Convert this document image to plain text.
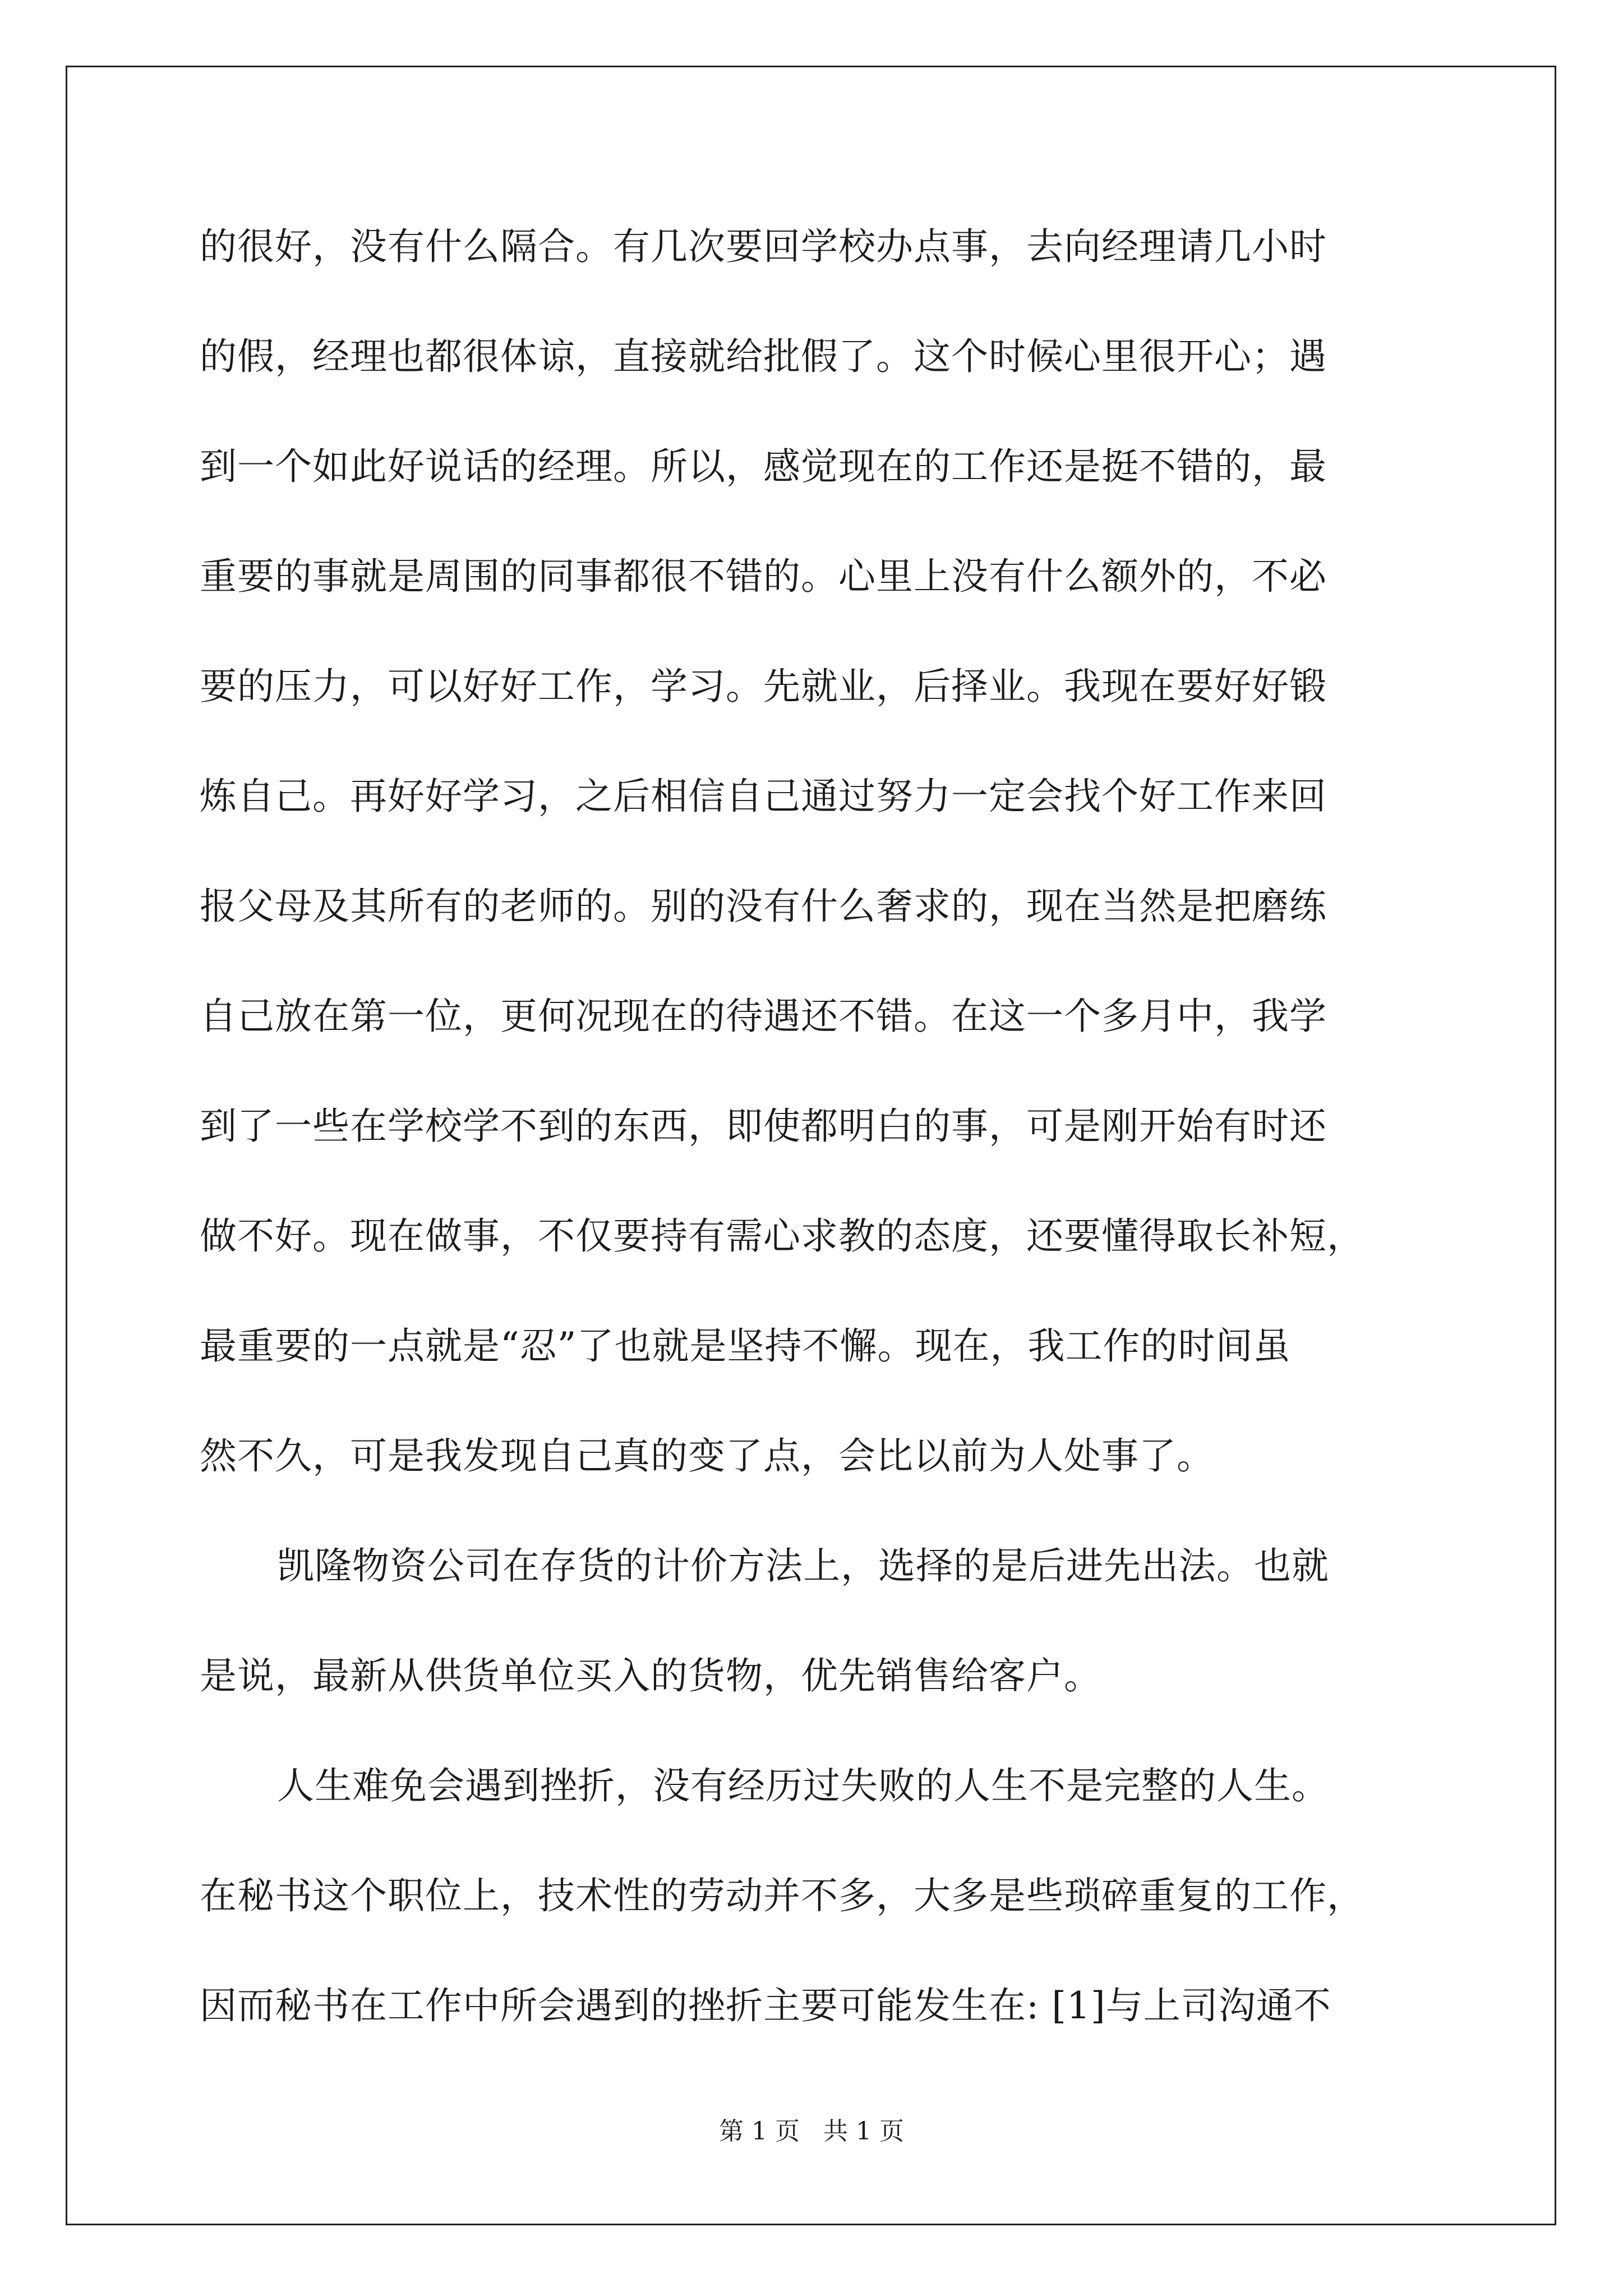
的很好，没有什么隔合。有几次要回学校办点事，去向经理请几小时
的假，经理也都很体谅，直接就给批假了。这个时候心里很开心；遇
到一个如此好说话的经理。所以，感觉现在的工作还是挺不错的，最
重要的事就是周围的同事都很不错的。心里上没有什么额外的，不必
要的压力，可以好好工作，学习。先就业，后择业。我现在要好好锻
炼自己。再好好学习，之后相信自己通过努力一定会找个好工作来回
报父母及其所有的老师的。别的没有什么奢求的，现在当然是把磨练
自己放在第一位，更何况现在的待遇还不错。在这一个多月中，我学
到了一些在学校学不到的东西，即使都明白的事，可是刚开始有时还
做不好。现在做事，不仅要持有需心求教的态度，还要懂得取长补短，
最重要的一点就是“忍”了也就是坚持不懈。现在，我工作的时间虽
然不久，可是我发现自己真的变了点，会比以前为人处事了。
凯隆物资公司在存货的计价方法上，选择的是后进先出法。也就
是说，最新从供货单位买入的货物，优先销售给客户。
人生难免会遇到挫折，没有经历过失败的人生不是完整的人生。
在秘书这个职位上，技术性的劳动并不多，大多是些琐碎重复的工作，
因而秘书在工作中所会遇到的挫折主要可能发生在: [1]与上司沟通不
第 1 页   共 1 页
